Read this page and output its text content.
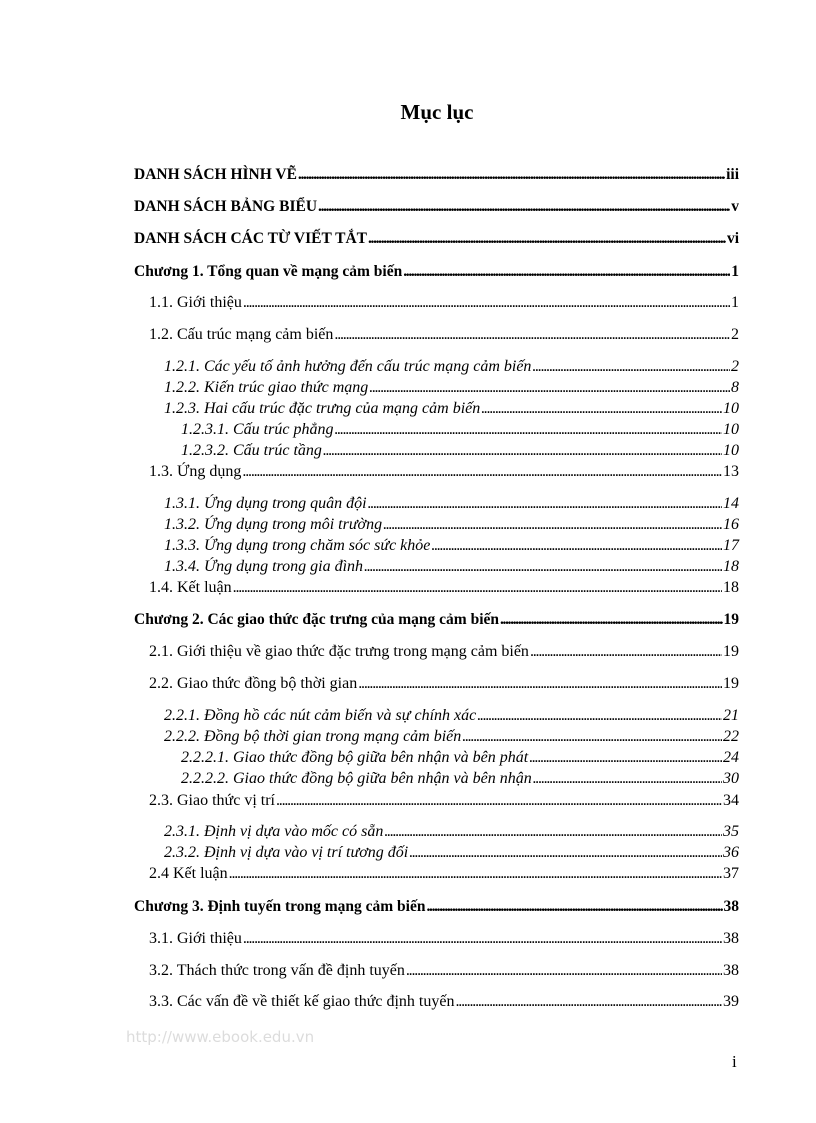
Mục lục
DANH SÁCH HÌNH VẼ . . .	iii
DANH SÁCH BẢNG BIỂU . . .	v
DANH SÁCH CÁC TỪ VIẾT TẮT . . .	vi
Chương 1. Tổng quan về mạng cảm biến . . .	1
1.1. Giới thiệu . . .	1
1.2. Cấu trúc mạng cảm biến . . .	2
1.2.1. Các yếu tố ảnh hưởng đến cấu trúc mạng cảm biến . . .	2
1.2.2. Kiến trúc giao thức mạng . . .	8
1.2.3. Hai cấu trúc đặc trưng của mạng cảm biến . . .	10
1.2.3.1. Cấu trúc phẳng . . .	10
1.2.3.2. Cấu trúc tầng . . .	10
1.3. Ứng dụng . . .	13
1.3.1. Ứng dụng trong quân đội . . .	14
1.3.2. Ứng dụng trong môi trường . . .	16
1.3.3. Ứng dụng trong chăm sóc sức khỏe . . .	17
1.3.4. Ứng dụng trong gia đình . . .	18
1.4. Kết luận . . .	18
Chương 2. Các giao thức đặc trưng của mạng cảm biến . . .	19
2.1. Giới thiệu về giao thức đặc trưng trong mạng cảm biến . . .	19
2.2. Giao thức đồng bộ thời gian . . .	19
2.2.1. Đồng hồ các nút cảm biến và sự chính xác . . .	21
2.2.2. Đồng bộ thời gian trong mạng cảm biến . . .	22
2.2.2.1. Giao thức đồng bộ giữa bên nhận và bên phát . . .	24
2.2.2.2. Giao thức đồng bộ giữa bên nhận và bên nhận . . .	30
2.3. Giao thức vị trí . . .	34
2.3.1. Định vị dựa vào mốc có sẵn . . .	35
2.3.2. Định vị dựa vào vị trí tương đối . . .	36
2.4 Kết luận . . .	37
Chương 3. Định tuyến trong mạng cảm biến . . .	38
3.1. Giới thiệu . . .	38
3.2. Thách thức trong vấn đề định tuyến . . .	38
3.3. Các vấn đề về thiết kế giao thức định tuyến . . .	39
http://www.ebook.edu.vn
i
